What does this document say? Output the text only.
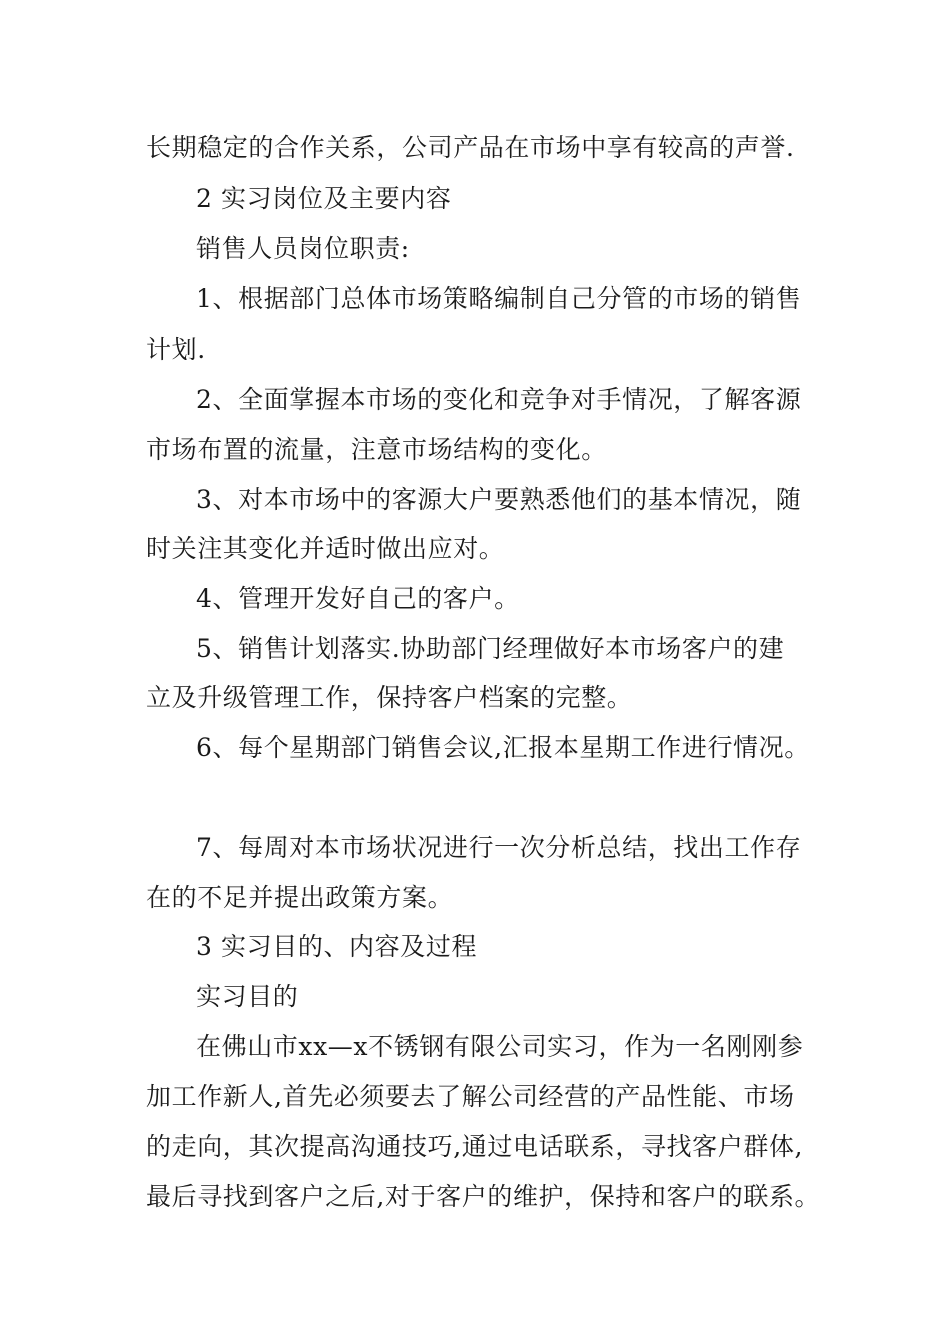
长期稳定的合作关系，公司产品在市场中享有较高的声誉.
2 实习岗位及主要内容
销售人员岗位职责:
1、根据部门总体市场策略编制自己分管的市场的销售
计划.
2、全面掌握本市场的变化和竞争对手情况，了解客源
市场布置的流量，注意市场结构的变化。
3、对本市场中的客源大户要熟悉他们的基本情况，随
时关注其变化并适时做出应对。
4、管理开发好自己的客户。
5、销售计划落实.协助部门经理做好本市场客户的建
立及升级管理工作，保持客户档案的完整。
6、每个星期部门销售会议,汇报本星期工作进行情况。
7、每周对本市场状况进行一次分析总结，找出工作存
在的不足并提出政策方案。
3 实习目的、内容及过程
实习目的
在佛山市xx—x不锈钢有限公司实习，作为一名刚刚参
加工作新人,首先必须要去了解公司经营的产品性能、市场
的走向，其次提高沟通技巧,通过电话联系，寻找客户群体,
最后寻找到客户之后,对于客户的维护，保持和客户的联系。
